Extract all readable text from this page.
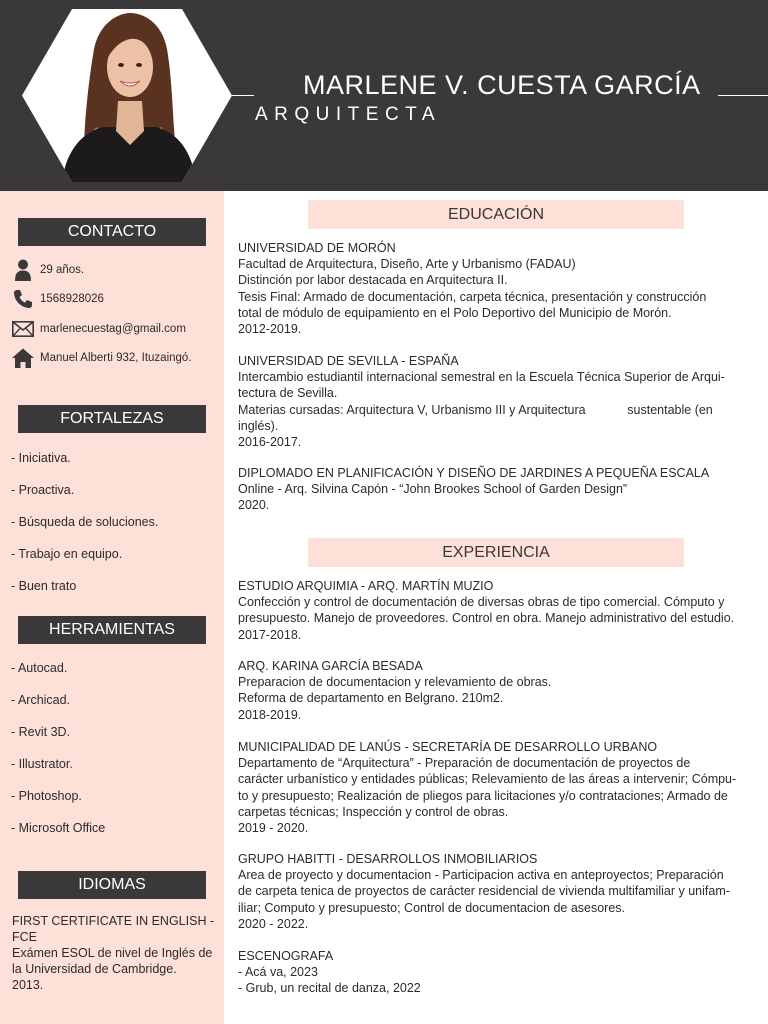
MARLENE V. CUESTA GARCÍA
ARQUITECTA
CONTACTO
29 años.
1568928026
marlenecuestag@gmail.com
Manuel Alberti 932, Ituzaingó.
FORTALEZAS
- Iniciativa.
- Proactiva.
- Búsqueda de soluciones.
- Trabajo en equipo.
- Buen trato
HERRAMIENTAS
- Autocad.
- Archicad.
- Revit 3D.
- Illustrator.
- Photoshop.
- Microsoft Office
IDIOMAS
FIRST CERTIFICATE IN ENGLISH -
FCE
Exámen ESOL de nivel de Inglés de
la Universidad de Cambridge.
2013.
EDUCACIÓN
UNIVERSIDAD DE MORÓN
Facultad de Arquitectura, Diseño, Arte y Urbanismo (FADAU)
Distinción por labor destacada en Arquitectura II.
Tesis Final: Armado de documentación, carpeta técnica, presentación y construcción
total de módulo de equipamiento en el Polo Deportivo del Municipio de Morón.
2012-2019.
UNIVERSIDAD DE SEVILLA - ESPAÑA
Intercambio estudiantil internacional semestral en la Escuela Técnica Superior de Arqui-
tectura de Sevilla.
Materias cursadas: Arquitectura V, Urbanismo III y Arquitectura            sustentable (en
inglés).
2016-2017.
DIPLOMADO EN PLANIFICACIÓN Y DISEÑO DE JARDINES A PEQUEÑA ESCALA
Online - Arq. Silvina Capón - “John Brookes School of Garden Design”
2020.
EXPERIENCIA
ESTUDIO ARQUIMIA - ARQ. MARTÍN MUZIO
Confección y control de documentación de diversas obras de tipo comercial. Cómputo y
presupuesto. Manejo de proveedores. Control en obra. Manejo administrativo del estudio.
2017-2018.
ARQ. KARINA GARCÍA BESADA
Preparacion de documentacion y relevamiento de obras.
Reforma de departamento en Belgrano. 210m2.
2018-2019.
MUNICIPALIDAD DE LANÚS - SECRETARÍA DE DESARROLLO URBANO
Departamento de “Arquitectura” - Preparación de documentación de proyectos de
carácter urbanístico y entidades públicas; Relevamiento de las áreas a intervenir; Cómpu-
to y presupuesto; Realización de pliegos para licitaciones y/o contrataciones; Armado de
carpetas técnicas; Inspección y control de obras.
2019 - 2020.
GRUPO HABITTI - DESARROLLOS INMOBILIARIOS
Area de proyecto y documentacion - Participacion activa en anteproyectos; Preparación
de carpeta tenica de proyectos de carácter residencial de vivienda multifamiliar y unifam-
iliar; Computo y presupuesto; Control de documentacion de asesores.
2020 - 2022.
ESCENOGRAFA
- Acá va, 2023
- Grub, un recital de danza, 2022
